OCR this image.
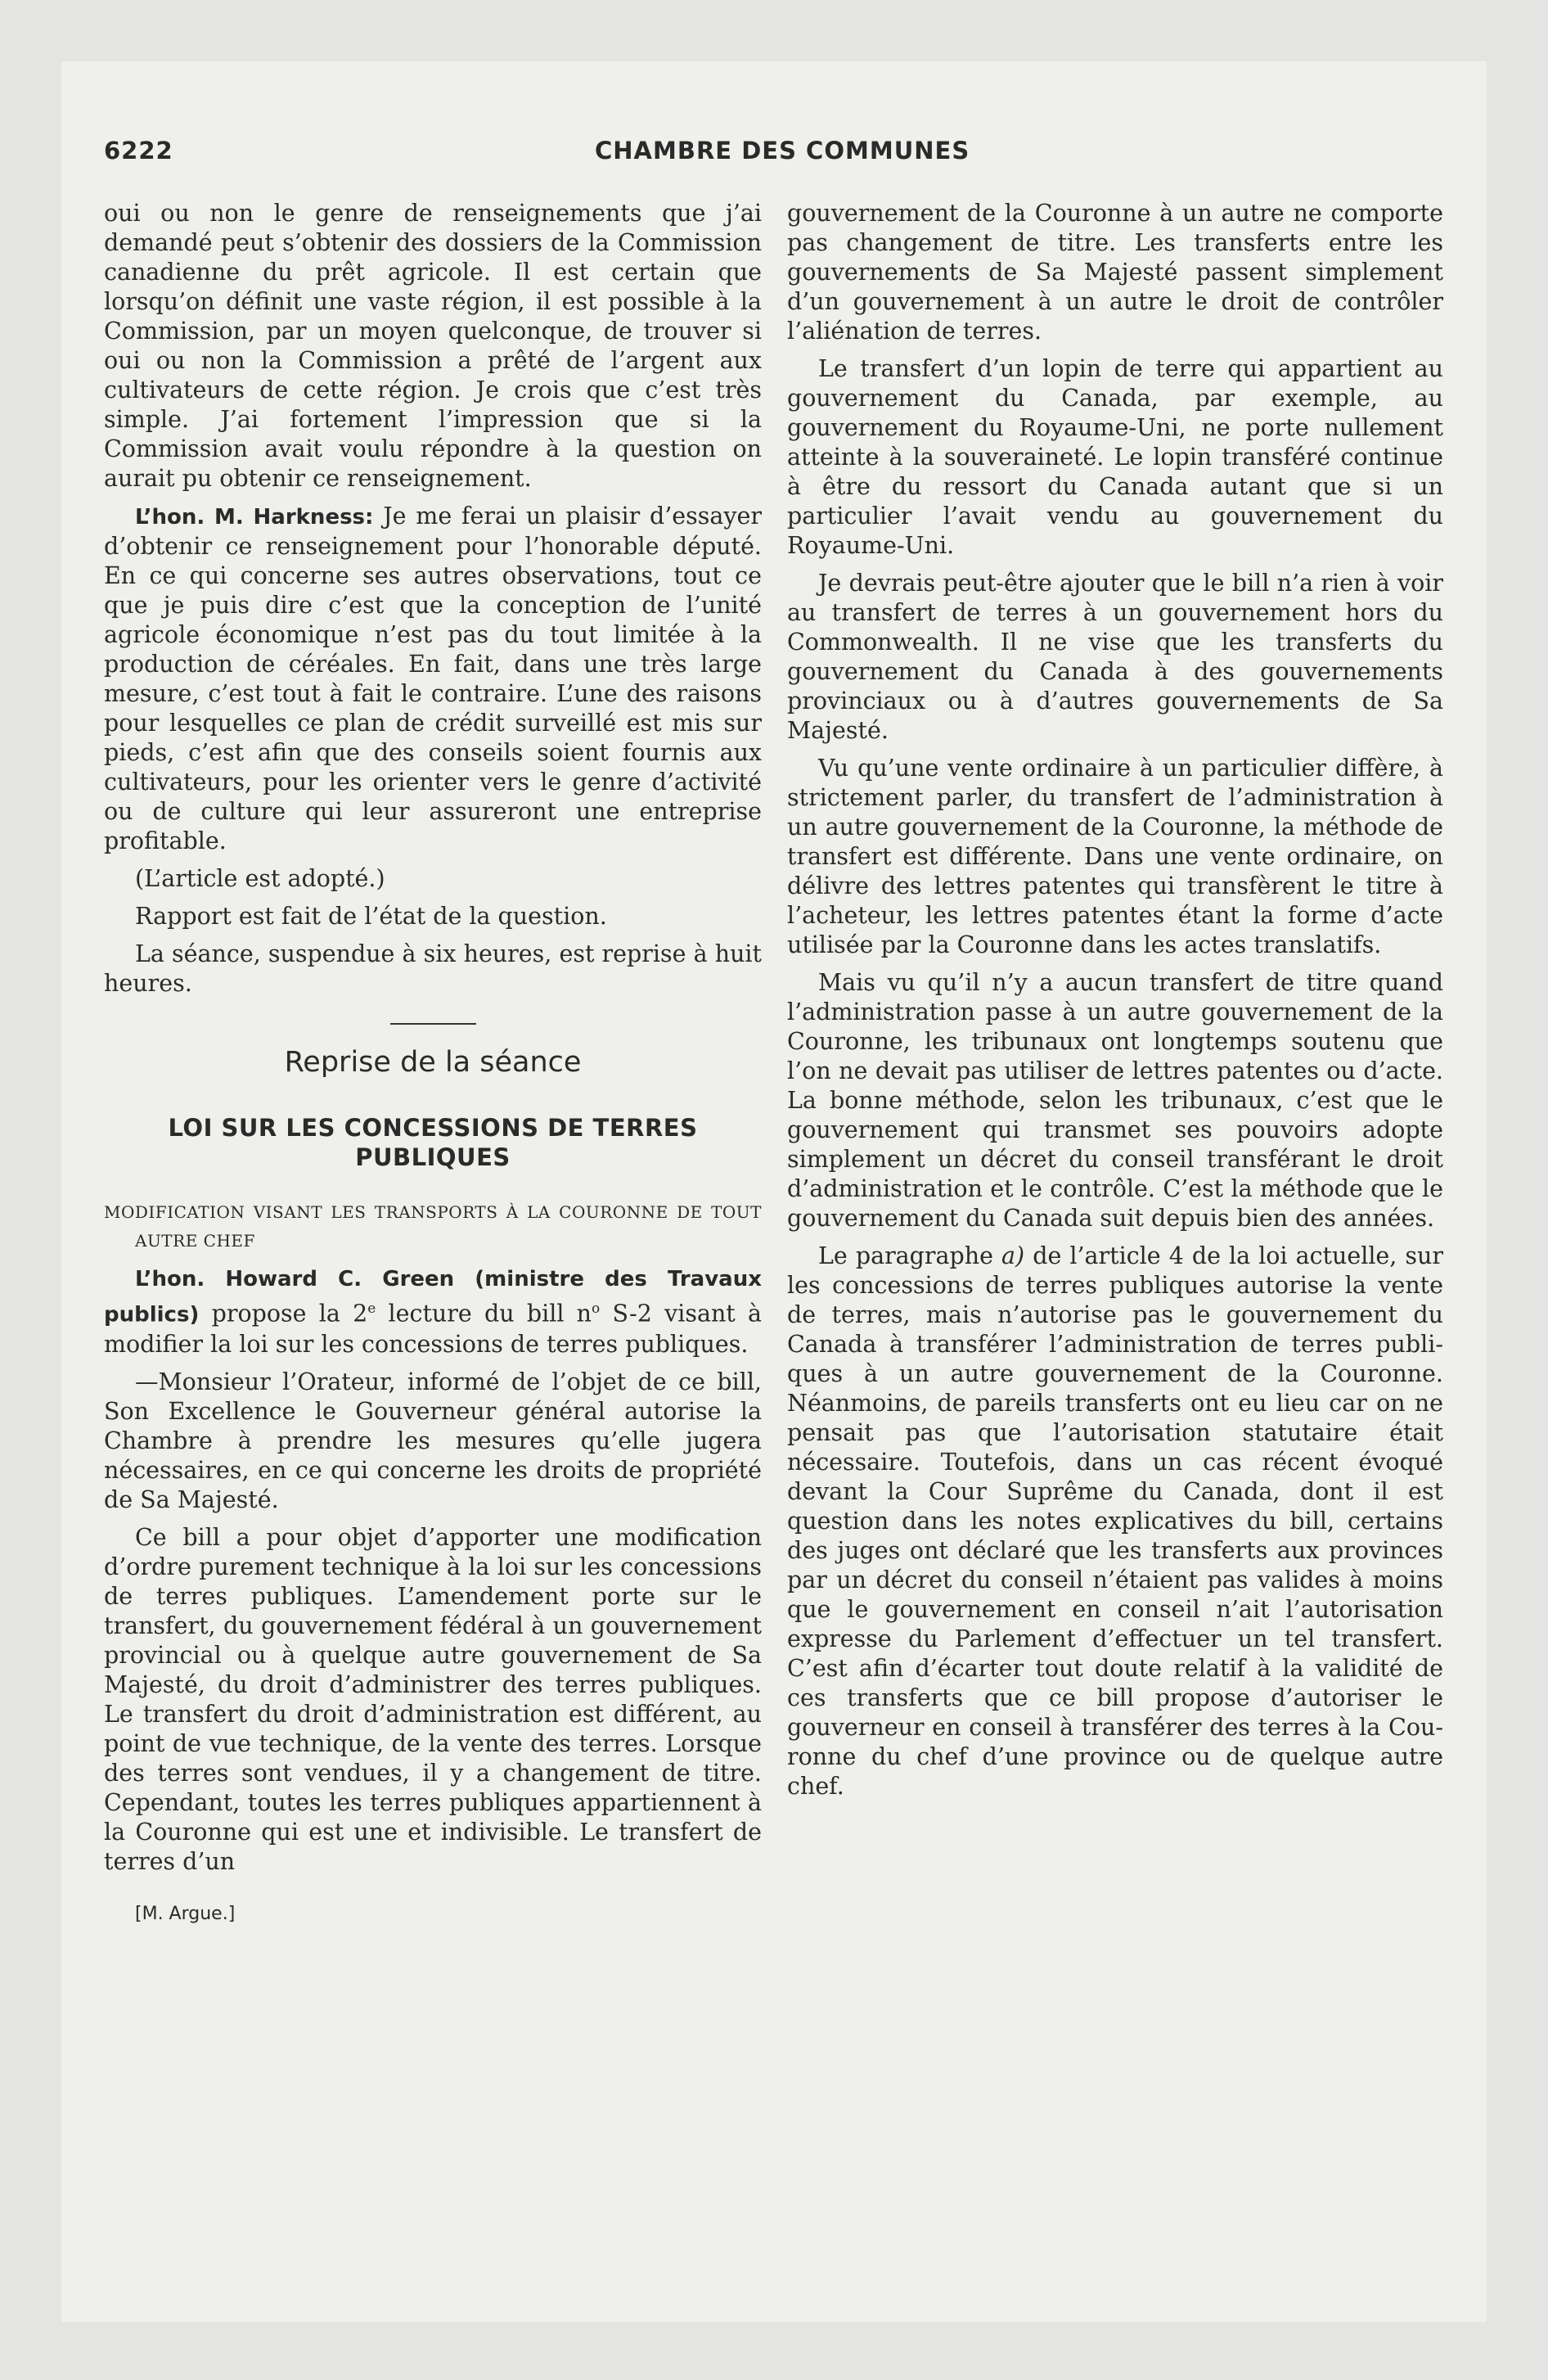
6222	CHAMBRE DES COMMUNES

oui ou non le genre de renseignements que j’ai demandé peut s’obtenir des dossiers de la Commission canadienne du prêt agricole. Il est certain que lorsqu’on définit une vaste région, il est possible à la Commission, par un moyen quelconque, de trouver si oui ou non la Commission a prêté de l’argent aux cultivateurs de cette région. Je crois que c’est très simple. J’ai fortement l’impression que si la Commission avait voulu répondre à la question on aurait pu obtenir ce renseignement.

L’hon. M. Harkness: Je me ferai un plaisir d’essayer d’obtenir ce renseignement pour l’honorable député. En ce qui concerne ses autres observations, tout ce que je puis dire c’est que la conception de l’unité agricole économique n’est pas du tout limitée à la production de céréales. En fait, dans une très large mesure, c’est tout à fait le contraire. L’une des raisons pour lesquelles ce plan de crédit surveillé est mis sur pieds, c’est afin que des conseils soient fournis aux cultivateurs, pour les orienter vers le genre d’activité ou de culture qui leur assureront une entreprise profitable.

(L’article est adopté.)

Rapport est fait de l’état de la question.

La séance, suspendue à six heures, est reprise à huit heures.

Reprise de la séance
LOI SUR LES CONCESSIONS DE TERRES PUBLIQUES
MODIFICATION VISANT LES TRANSPORTS À LA COURONNE DE TOUT AUTRE CHEF

L’hon. Howard C. Green (ministre des Travaux publics) propose la 2e lecture du bill $n^o$ S-2 visant à modifier la loi sur les concessions de terres publiques.

—Monsieur l’Orateur, informé de l’objet de ce bill, Son Excellence le Gouverneur général autorise la Chambre à prendre les mesures qu’elle jugera nécessaires, en ce qui concerne les droits de propriété de Sa Majesté.

Ce bill a pour objet d’apporter une modification d’ordre purement technique à la loi sur les concessions de terres publiques. L’amendement porte sur le transfert, du gouvernement fédéral à un gouvernement provincial ou à quelque autre gouvernement de Sa Majesté, du droit d’administrer des terres publiques. Le transfert du droit d’administration est différent, au point de vue technique, de la vente des terres. Lorsque des terres sont vendues, il y a changement de titre. Cependant, toutes les terres publiques appartiennent à la Couronne qui est une et indivisible. Le transfert de terres d’un

[M. Argue.]

gouvernement de la Couronne à un autre ne comporte pas changement de titre. Les transferts entre les gouvernements de Sa Majesté passent simplement d’un gouvernement à un autre le droit de contrôler l’aliénation de terres.

Le transfert d’un lopin de terre qui appartient au gouvernement du Canada, par exemple, au gouvernement du Royaume-Uni, ne porte nullement atteinte à la souveraineté. Le lopin transféré continue à être du ressort du Canada autant que si un particulier l’avait vendu au gouvernement du Royaume-Uni.

Je devrais peut-être ajouter que le bill n’a rien à voir au transfert de terres à un gouvernement hors du Commonwealth. Il ne vise que les transferts du gouvernement du Canada à des gouvernements provinciaux ou à d’autres gouvernements de Sa Majesté.

Vu qu’une vente ordinaire à un particulier diffère, à strictement parler, du transfert de l’administration à un autre gouvernement de la Couronne, la méthode de transfert est différente. Dans une vente ordinaire, on délivre des lettres patentes qui transfèrent le titre à l’acheteur, les lettres patentes étant la forme d’acte utilisée par la Couronne dans les actes translatifs.

Mais vu qu’il n’y a aucun transfert de titre quand l’administration passe à un autre gouvernement de la Couronne, les tribunaux ont longtemps soutenu que l’on ne devait pas utiliser de lettres patentes ou d’acte. La bonne méthode, selon les tribunaux, c’est que le gouvernement qui transmet ses pouvoirs adopte simplement un décret du conseil transférant le droit d’administration et le contrôle. C’est la méthode que le gouvernement du Canada suit depuis bien des années.

Le paragraphe a) de l’article 4 de la loi actuelle, sur les concessions de terres publiques autorise la vente de terres, mais n’autorise pas le gouvernement du Canada à transférer l’administration de terres publiques à un autre gouvernement de la Couronne. Néanmoins, de pareils transferts ont eu lieu car on ne pensait pas que l’autorisation statutaire était nécessaire. Toutefois, dans un cas récent évoqué devant la Cour Suprême du Canada, dont il est question dans les notes explicatives du bill, certains des juges ont déclaré que les transferts aux provinces par un décret du conseil n’étaient pas valides à moins que le gouvernement en conseil n’ait l’autorisation expresse du Parlement d’effectuer un tel transfert. C’est afin d’écarter tout doute relatif à la validité de ces transferts que ce bill propose d’autoriser le gouverneur en conseil à transférer des terres à la Couronne du chef d’une province ou de quelque autre chef.
